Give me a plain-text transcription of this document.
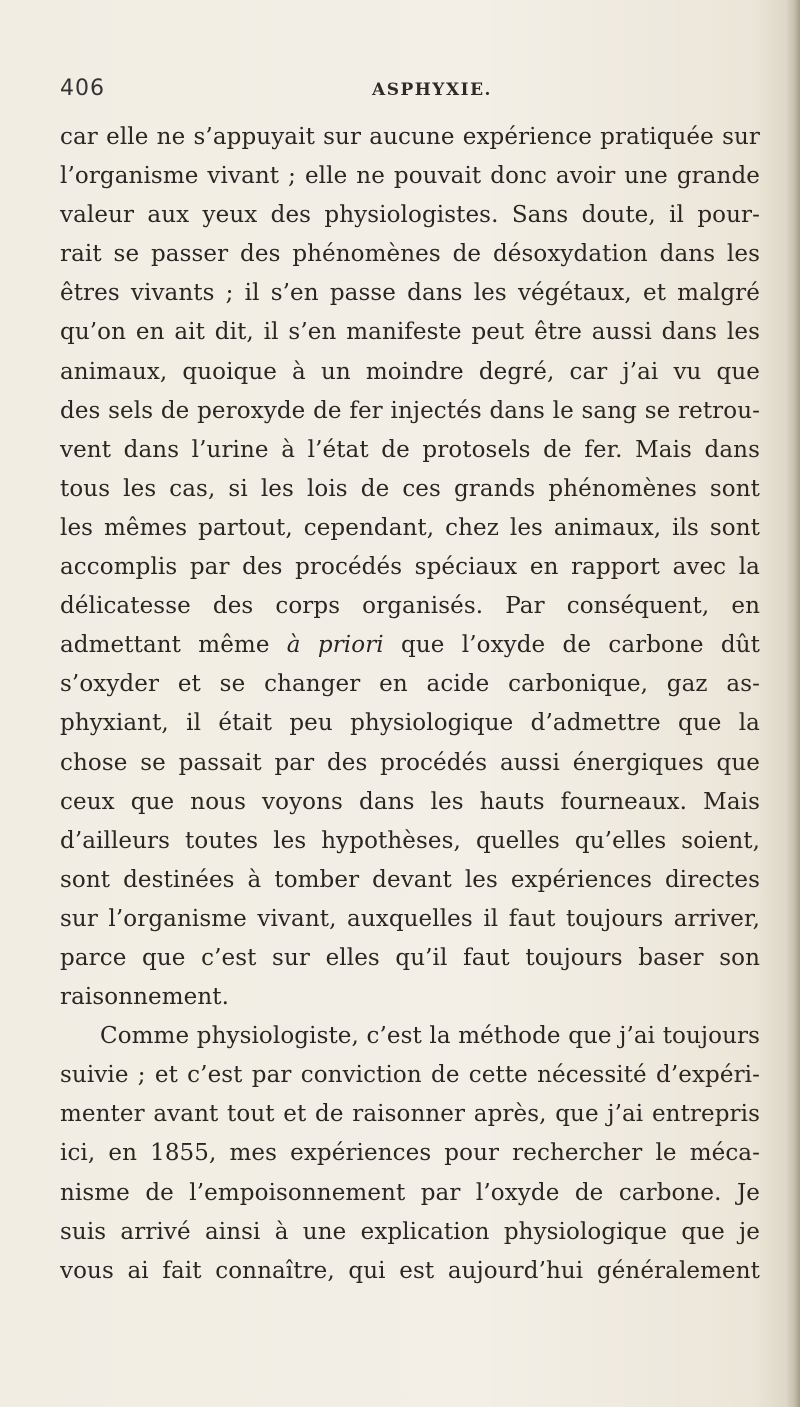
406	ASPHYXIE.
car elle ne s’appuyait sur aucune expérience pratiquée sur
l’organisme vivant ; elle ne pouvait donc avoir une grande
valeur aux yeux des physiologistes. Sans doute, il pour-
rait se passer des phénomènes de désoxydation dans les
êtres vivants ; il s’en passe dans les végétaux, et malgré
qu’on en ait dit, il s’en manifeste peut être aussi dans les
animaux, quoique à un moindre degré, car j’ai vu que
des sels de peroxyde de fer injectés dans le sang se retrou-
vent dans l’urine à l’état de protosels de fer. Mais dans
tous les cas, si les lois de ces grands phénomènes sont
les mêmes partout, cependant, chez les animaux, ils sont
accomplis par des procédés spéciaux en rapport avec la
délicatesse des corps organisés. Par conséquent, en
admettant même à priori que l’oxyde de carbone dût
s’oxyder et se changer en acide carbonique, gaz as-
phyxiant, il était peu physiologique d’admettre que la
chose se passait par des procédés aussi énergiques que
ceux que nous voyons dans les hauts fourneaux. Mais
d’ailleurs toutes les hypothèses, quelles qu’elles soient,
sont destinées à tomber devant les expériences directes
sur l’organisme vivant, auxquelles il faut toujours arriver,
parce que c’est sur elles qu’il faut toujours baser son
raisonnement.
Comme physiologiste, c’est la méthode que j’ai toujours
suivie ; et c’est par conviction de cette nécessité d’expéri-
menter avant tout et de raisonner après, que j’ai entrepris
ici, en 1855, mes expériences pour rechercher le méca-
nisme de l’empoisonnement par l’oxyde de carbone. Je
suis arrivé ainsi à une explication physiologique que je
vous ai fait connaître, qui est aujourd’hui généralement
